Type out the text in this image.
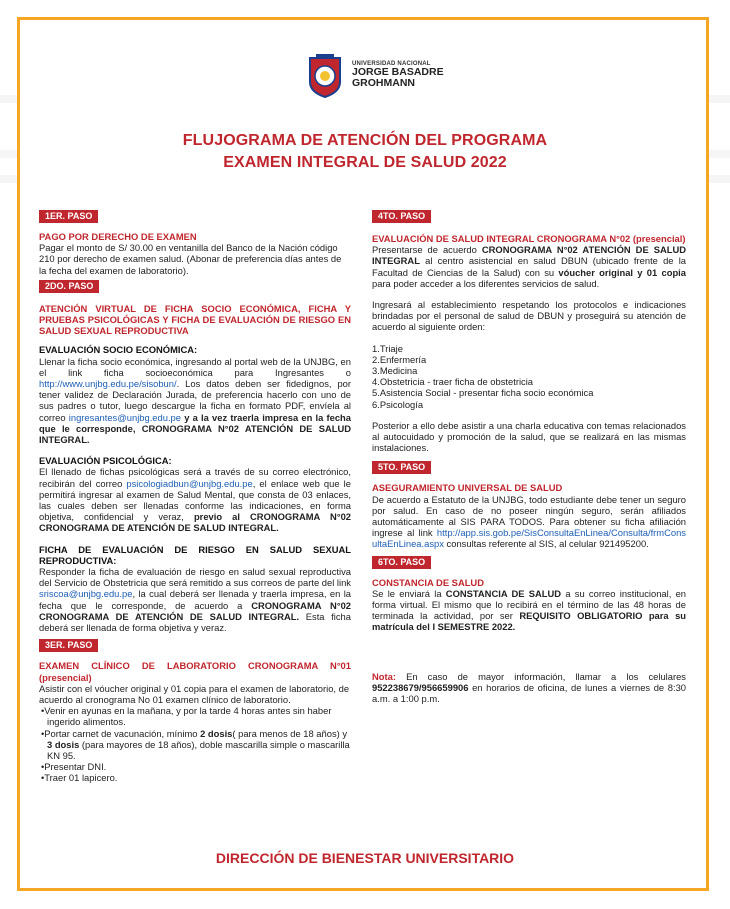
UNIVERSIDAD NACIONAL
JORGE BASADRE
GROHMANN
FLUJOGRAMA DE ATENCIÓN DEL PROGRAMA
EXAMEN INTEGRAL DE SALUD 2022
1ER. PASO

PAGO POR DERECHO DE EXAMEN

Pagar el monto de S/ 30.00 en ventanilla del Banco de la Nación código 210 por derecho de examen salud. (Abonar de preferencia días antes de la fecha del examen de laboratorio).

2DO. PASO

ATENCIÓN VIRTUAL DE FICHA SOCIO ECONÓMICA, FICHA Y PRUEBAS PSICOLÓGICAS Y FICHA DE EVALUACIÓN DE RIESGO EN SALUD SEXUAL REPRODUCTIVA

EVALUACIÓN SOCIO ECONÓMICA:

Llenar la ficha socio económica, ingresando al portal web de la UNJBG, en el link ficha socioeconómica para Ingresantes o http://www.unjbg.edu.pe/sisobun/. Los datos deben ser fidedignos, por tener validez de Declaración Jurada, de preferencia hacerlo con uno de sus padres o tutor, luego descargue la ficha en formato PDF, envíela al correo ingresantes@unjbg.edu.pe y a la vez traerla impresa en la fecha que le corresponde, CRONOGRAMA N°02 ATENCIÓN DE SALUD INTEGRAL.

EVALUACIÓN PSICOLÓGICA:

El llenado de fichas psicológicas será a través de su correo electrónico, recibirán del correo psicologiadbun@unjbg.edu.pe, el enlace web que le permitirá ingresar al examen de Salud Mental, que consta de 03 enlaces, las cuales deben ser llenadas conforme las indicaciones, en forma objetiva, confidencial y veraz, previo al CRONOGRAMA N°02 CRONOGRAMA DE ATENCIÓN DE SALUD INTEGRAL.

FICHA DE EVALUACIÓN DE RIESGO EN SALUD SEXUAL REPRODUCTIVA:

Responder la ficha de evaluación de riesgo en salud sexual reproductiva del Servicio de Obstetricia que será remitido a sus correos de parte del link sriscoa@unjbg.edu.pe, la cual deberá ser llenada y traerla impresa, en la fecha que le corresponde, de acuerdo a CRONOGRAMA N°02 CRONOGRAMA DE ATENCIÓN DE SALUD INTEGRAL. Esta ficha deberá ser llenada de forma objetiva y veraz.

3ER. PASO

EXAMEN CLÍNICO DE LABORATORIO CRONOGRAMA N°01 (presencial)

Asistir con el vóucher original y 01 copia para el examen de laboratorio, de acuerdo al cronograma No 01 examen clínico de laboratorio.

•Venir en ayunas en la mañana, y por la tarde 4 horas antes sin haber ingerido alimentos.
•Portar carnet de vacunación, mínimo 2 dosis( para menos de 18 años) y 3 dosis (para mayores de 18 años), doble mascarilla simple o mascarilla KN 95.
•Presentar DNI.
•Traer 01 lapicero.
4TO. PASO

EVALUACIÓN DE SALUD INTEGRAL CRONOGRAMA N°02 (presencial)

Presentarse de acuerdo CRONOGRAMA N°02 ATENCIÓN DE SALUD INTEGRAL al centro asistencial en salud DBUN (ubicado frente de la Facultad de Ciencias de la Salud) con su vóucher original y 01 copia para poder acceder a los diferentes servicios de salud.

Ingresará al establecimiento respetando los protocolos e indicaciones brindadas por el personal de salud de DBUN y proseguirá su atención de acuerdo al siguiente orden:

1.Triaje
2.Enfermería
3.Medicina
4.Obstetricia - traer ficha de obstetricia
5.Asistencia Social - presentar ficha socio económica
6.Psicología

Posterior a ello debe asistir a una charla educativa con temas relacionados al autocuidado y promoción de la salud, que se realizará en las mismas instalaciones.

5TO. PASO

ASEGURAMIENTO UNIVERSAL DE SALUD

De acuerdo a Estatuto de la UNJBG, todo estudiante debe tener un seguro por salud. En caso de no poseer ningún seguro, serán afiliados automáticamente al SIS PARA TODOS. Para obtener su ficha afiliación ingrese al link http://app.sis.gob.pe/SisConsultaEnLinea/Consulta/frmConsultaEnLinea.aspx consultas referente al SIS, al celular 921495200.

6TO. PASO

CONSTANCIA DE SALUD

Se le enviará la CONSTANCIA DE SALUD a su correo institucional, en forma virtual. El mismo que lo recibirá en el término de las 48 horas de terminada la actividad, por ser REQUISITO OBLIGATORIO para su matrícula del I SEMESTRE 2022.

Nota: En caso de mayor información, llamar a los celulares 952238679/956659906 en horarios de oficina, de lunes a viernes de 8:30 a.m. a 1:00 p.m.

DIRECCIÓN DE BIENESTAR UNIVERSITARIO
